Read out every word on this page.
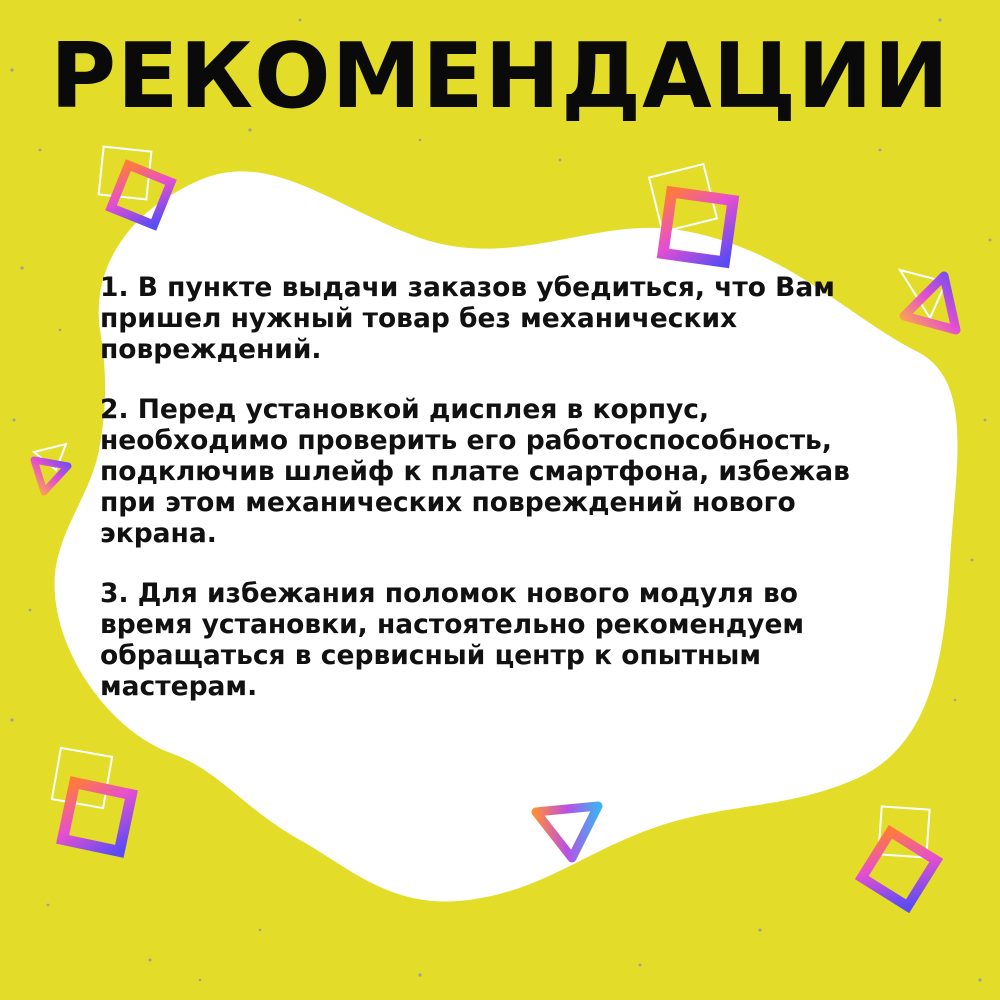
РЕКОМЕНДАЦИИ

1. В пункте выдачи заказов убедиться, что Вам пришел нужный товар без механических повреждений.

2. Перед установкой дисплея в корпус, необходимо проверить его работоспособность, подключив шлейф к плате смартфона, избежав при этом механических повреждений нового экрана.

3. Для избежания поломок нового модуля во время установки, настоятельно рекомендуем обращаться в сервисный центр к опытным мастерам.
